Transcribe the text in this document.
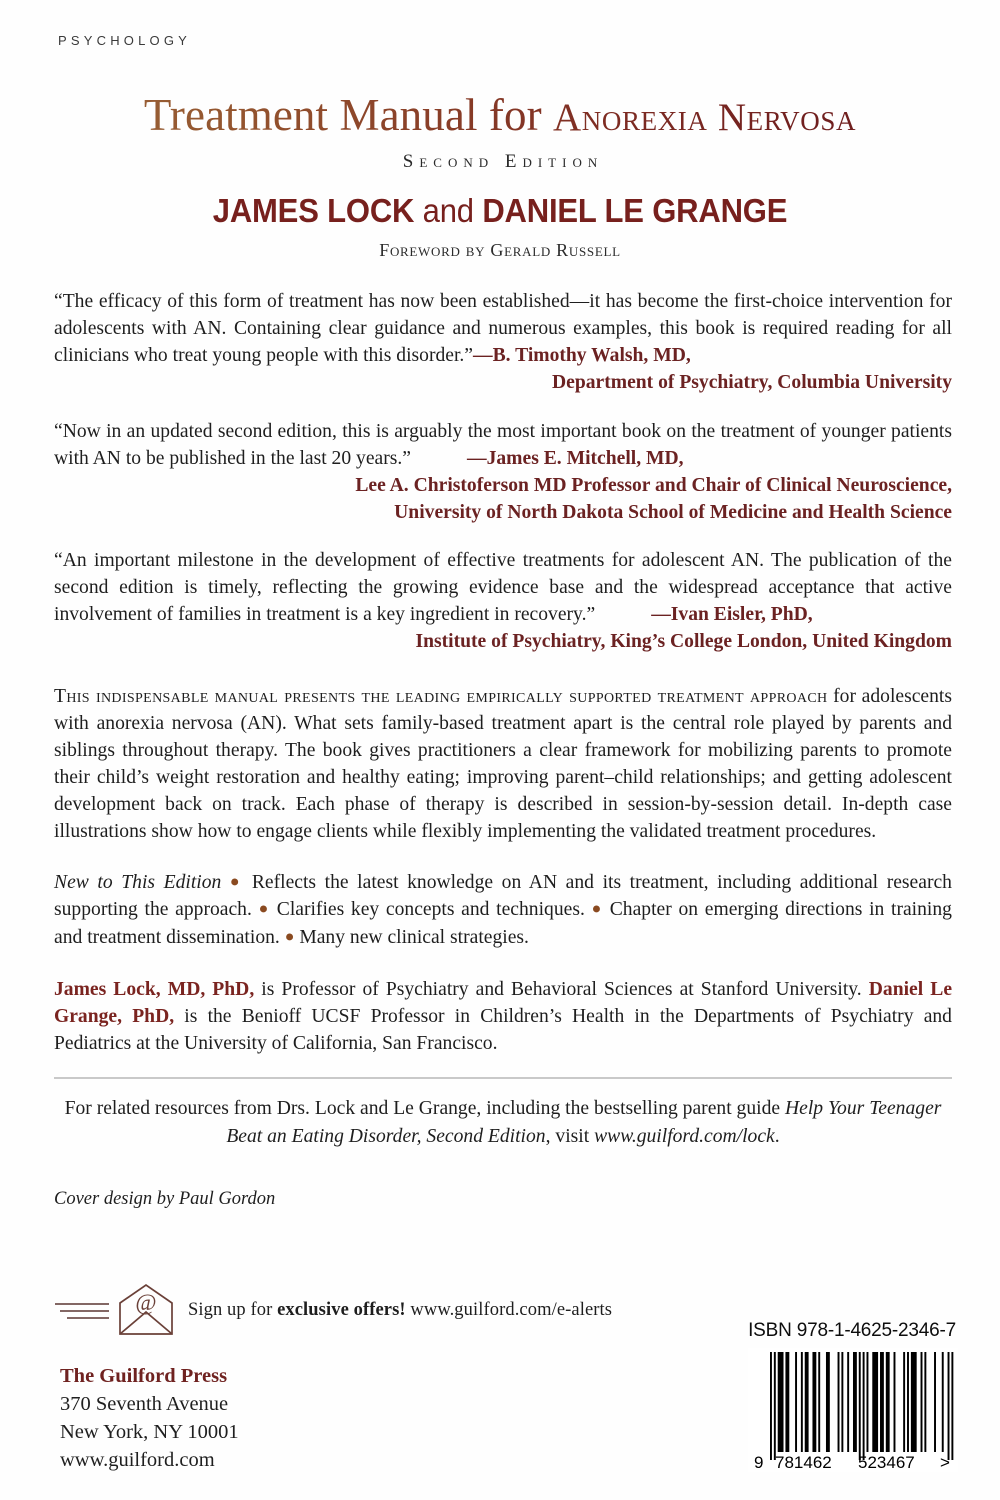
PSYCHOLOGY
Treatment Manual for Anorexia Nervosa
Second Edition
JAMES LOCK and DANIEL LE GRANGE
Foreword by Gerald Russell
“The efficacy of this form of treatment has now been established—it has become the first-choice intervention for adolescents with AN. Containing clear guidance and numerous examples, this book is required reading for all clinicians who treat young people with this disorder.”—B. Timothy Walsh, MD,
Department of Psychiatry, Columbia University
“Now in an updated second edition, this is arguably the most important book on the treatment of younger patients with AN to be published in the last 20 years.”	—James E. Mitchell, MD,
Lee A. Christoferson MD Professor and Chair of Clinical Neuroscience,
University of North Dakota School of Medicine and Health Science
“An important milestone in the development of effective treatments for adolescent AN. The publication of the second edition is timely, reflecting the growing evidence base and the widespread acceptance that active involvement of families in treatment is a key ingredient in recovery.”	—Ivan Eisler, PhD,
Institute of Psychiatry, King’s College London, United Kingdom
This indispensable manual presents the leading empirically supported treatment approach for adolescents with anorexia nervosa (AN). What sets family-based treatment apart is the central role played by parents and siblings throughout therapy. The book gives practitioners a clear framework for mobilizing parents to promote their child’s weight restoration and healthy eating; improving parent–child relationships; and getting adolescent development back on track. Each phase of therapy is described in session-by-session detail. In-depth case illustrations show how to engage clients while flexibly implementing the validated treatment procedures.
New to This Edition ● Reflects the latest knowledge on AN and its treatment, including additional research supporting the approach. ● Clarifies key concepts and techniques. ● Chapter on emerging directions in training and treatment dissemination. ● Many new clinical strategies.
James Lock, MD, PhD, is Professor of Psychiatry and Behavioral Sciences at Stanford University. Daniel Le Grange, PhD, is the Benioff UCSF Professor in Children’s Health in the Departments of Psychiatry and Pediatrics at the University of California, San Francisco.
For related resources from Drs. Lock and Le Grange, including the bestselling parent guide Help Your Teenager Beat an Eating Disorder, Second Edition, visit www.guilford.com/lock.
Cover design by Paul Gordon
@ Sign up for exclusive offers! www.guilford.com/e-alerts
The Guilford Press
370 Seventh Avenue
New York, NY 10001
www.guilford.com
ISBN 978-1-4625-2346-7
9 781462 523467 >
